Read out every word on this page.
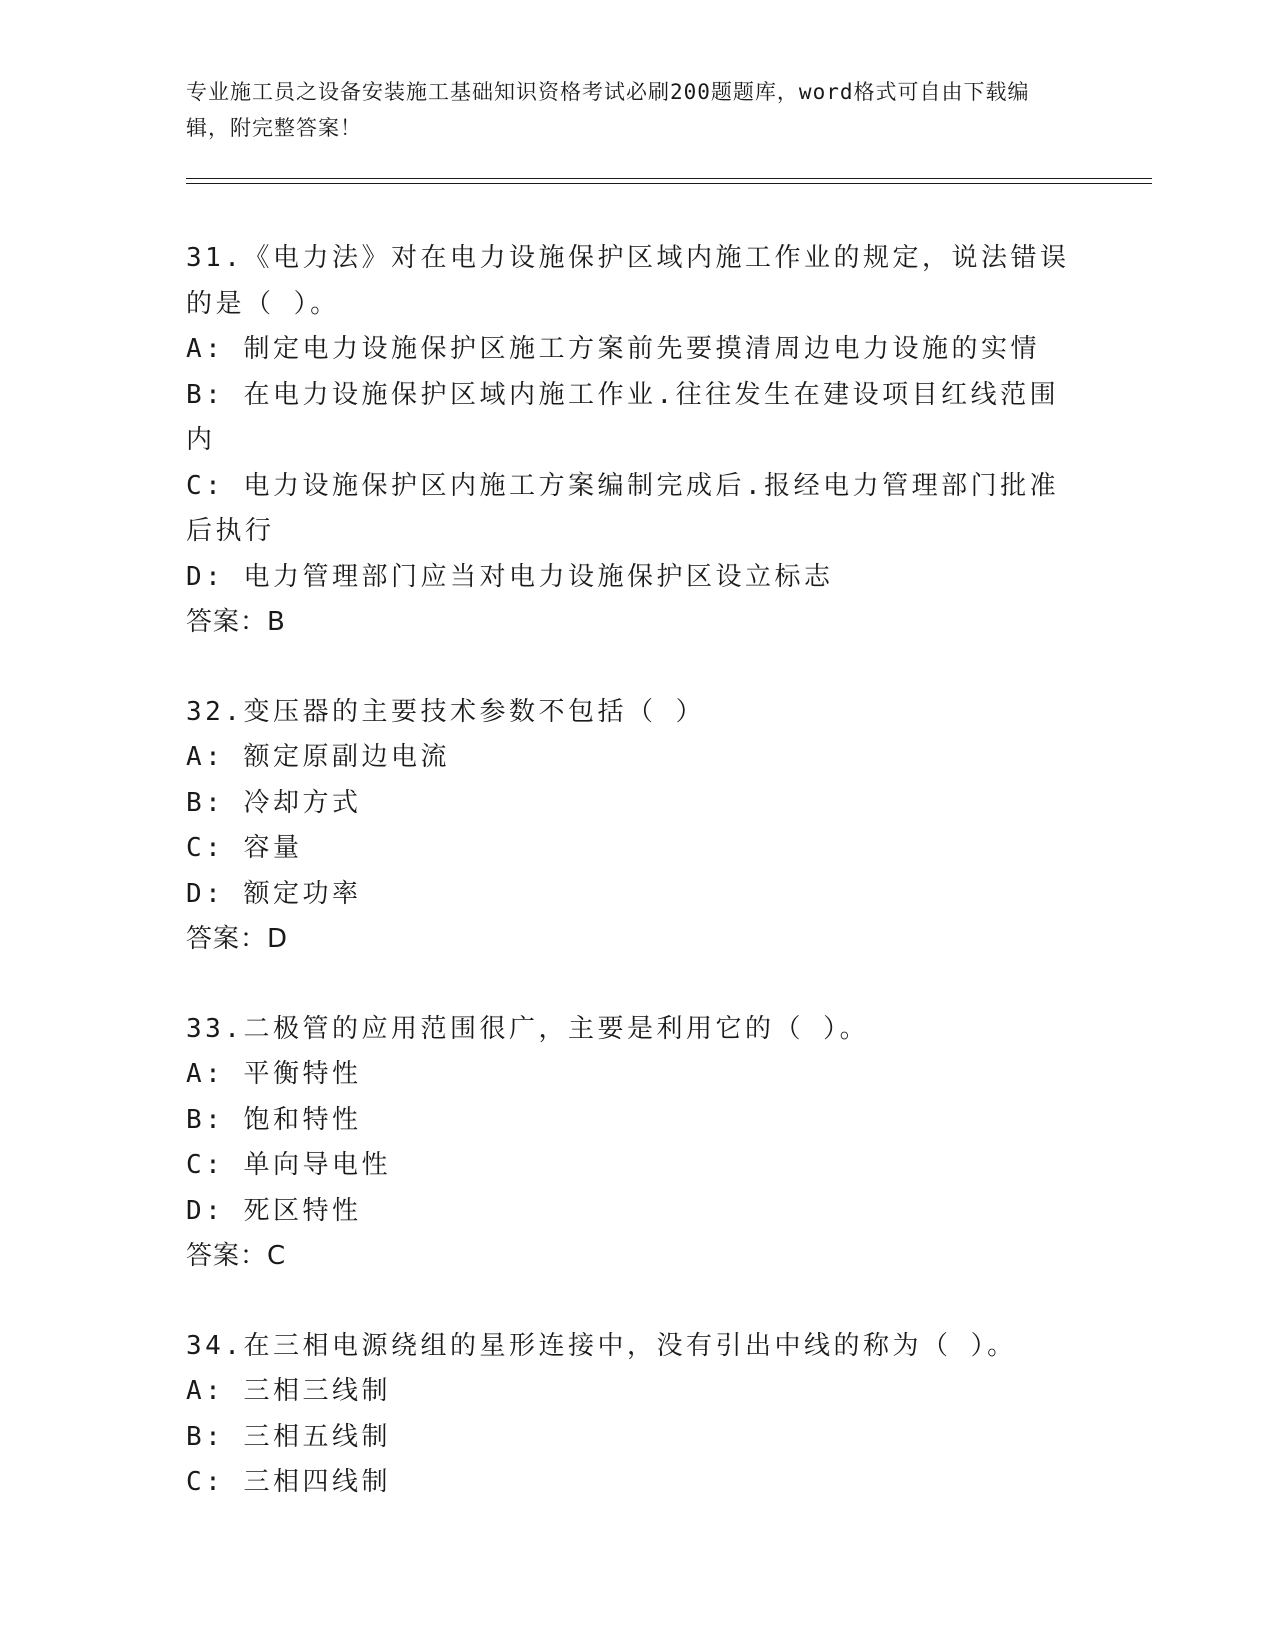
专业施工员之设备安装施工基础知识资格考试必刷200题题库，word格式可自由下载编辑，附完整答案！
31.《电力法》对在电力设施保护区域内施工作业的规定，说法错误的是（ ）。
A: 制定电力设施保护区施工方案前先要摸清周边电力设施的实情
B: 在电力设施保护区域内施工作业.往往发生在建设项目红线范围内
C: 电力设施保护区内施工方案编制完成后.报经电力管理部门批准后执行
D: 电力管理部门应当对电力设施保护区设立标志
答案：B
32.变压器的主要技术参数不包括（ ）
A: 额定原副边电流
B: 冷却方式
C: 容量
D: 额定功率
答案：D
33.二极管的应用范围很广，主要是利用它的（ ）。
A: 平衡特性
B: 饱和特性
C: 单向导电性
D: 死区特性
答案：C
34.在三相电源绕组的星形连接中，没有引出中线的称为（ ）。
A: 三相三线制
B: 三相五线制
C: 三相四线制
